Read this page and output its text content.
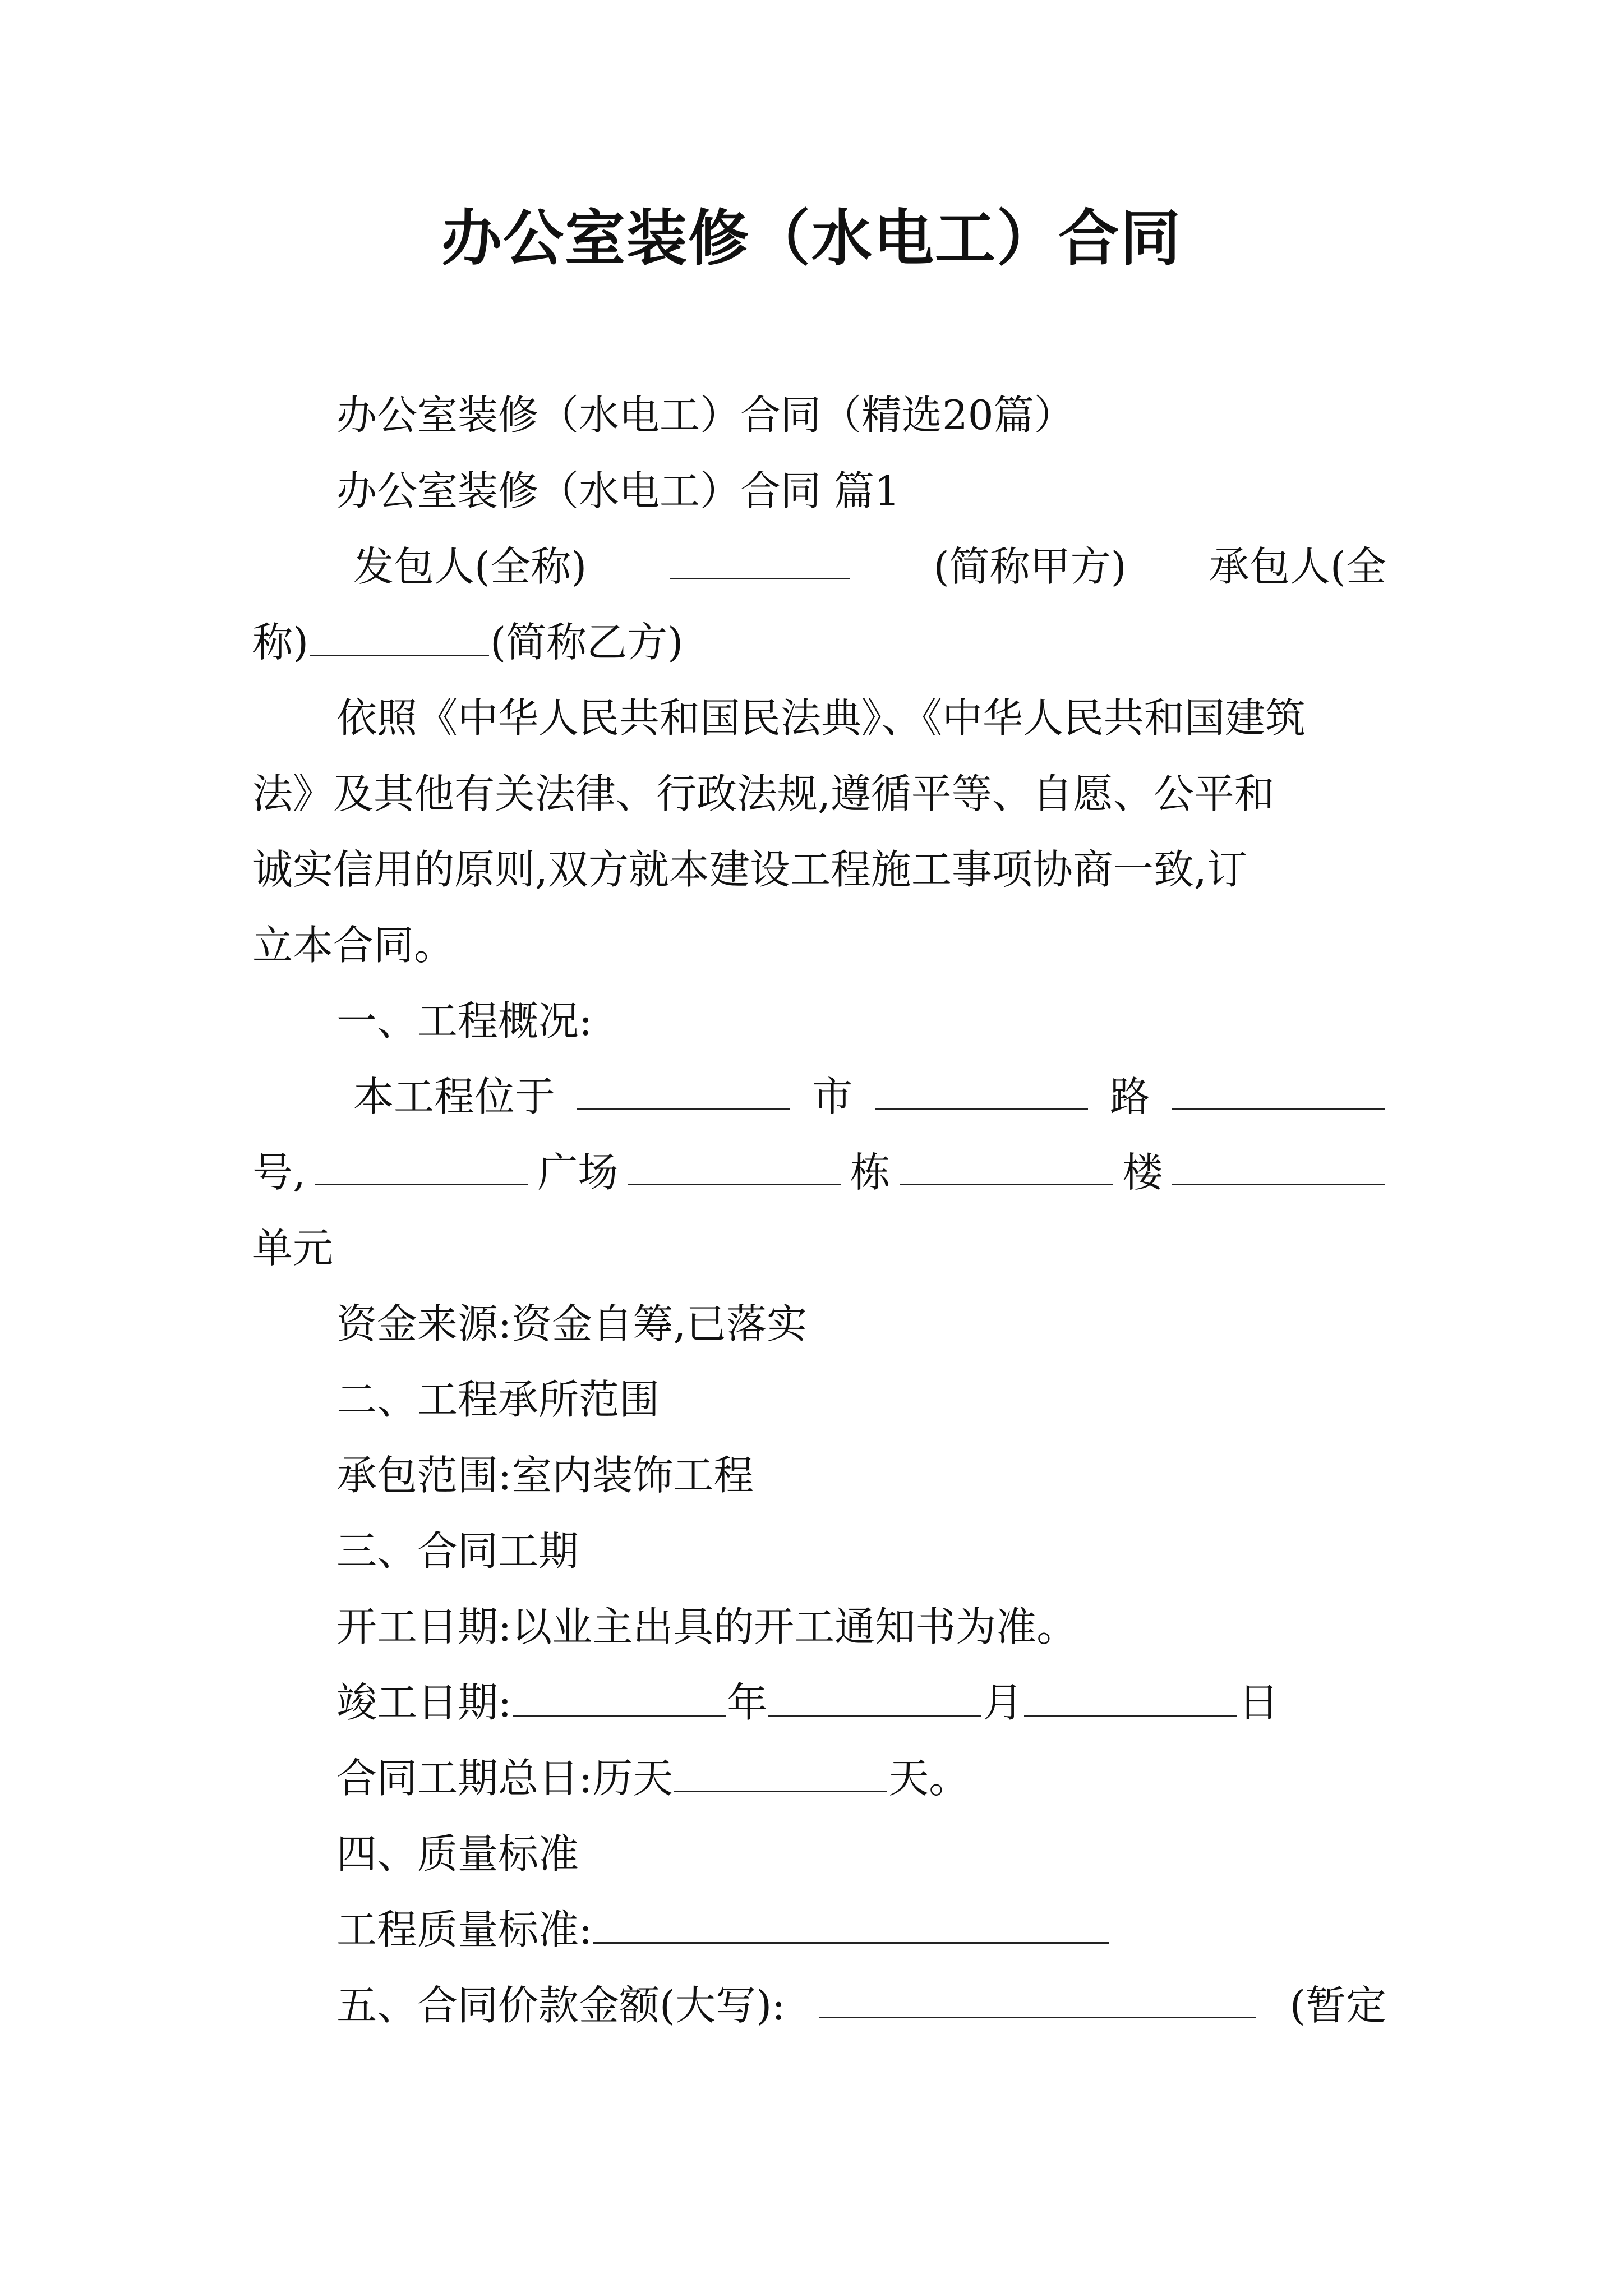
办公室装修（水电工）合同
办公室装修（水电工）合同（精选20篇）
办公室装修（水电工）合同 篇1
发包人(全称)	(简称甲方) 承包人(全
称)	(简称乙方)
依照《中华人民共和国民法典》、《中华人民共和国建筑
法》及其他有关法律、行政法规,遵循平等、自愿、公平和
诚实信用的原则,双方就本建设工程施工事项协商一致,订
立本合同。
一、工程概况:
本工程位于	市	路
号,	广场	栋	楼
单元
资金来源:资金自筹,已落实
二、工程承所范围
承包范围:室内装饰工程
三、合同工期
开工日期:以业主出具的开工通知书为准。
竣工日期:	年	月	日
合同工期总日:历天	天。
四、质量标准
工程质量标准:
五、合同价款金额(大写):	(暂定
